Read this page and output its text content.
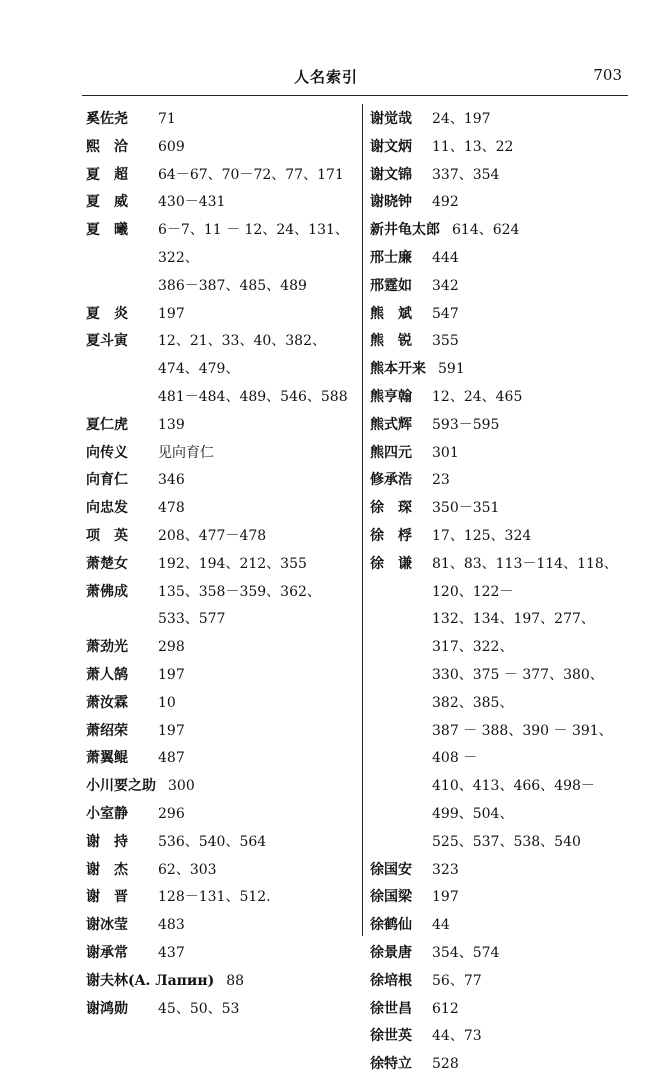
人名索引	703
奚佐尧	71
熙　洽	609
夏　超	64－67、70－72、77、171
夏　威	430－431
夏　曦	6－7、11 － 12、24、131、322、
386－387、485、489
夏　炎	197
夏斗寅	12、21、33、40、382、474、479、
481－484、489、546、588
夏仁虎	139
向传义	见向育仁
向育仁	346
向忠发	478
项　英	208、477－478
萧楚女	192、194、212、355
萧佛成	135、358－359、362、533、577
萧劲光	298
萧人鹄	197
萧汝霖	10
萧绍荣	197
萧翼鲲	487
小川要之助 300
小室静	296
谢　持	536、540、564
谢　杰	62、303
谢　晋	128－131、512.
谢冰莹	483
谢承常	437
谢夫林(A. Лапин) 88
谢鸿勋	45、50、53
谢觉哉	24、197
谢文炳	11、13、22
谢文锦	337、354
谢晓钟	492
新井龟太郎 614、624
邢士廉	444
邢霆如	342
熊　斌	547
熊　锐	355
熊本开来 591
熊亨翰	12、24、465
熊式辉	593－595
熊四元	301
修承浩	23
徐　琛	350－351
徐　桴	17、125、324
徐　谦	81、83、113－114、118、120、122－
132、134、197、277、317、322、
330、375 － 377、380、382、385、
387 － 388、390 － 391、408 －
410、413、466、498－499、504、
525、537、538、540
徐国安	323
徐国梁	197
徐鹤仙	44
徐景唐	354、574
徐培根	56、77
徐世昌	612
徐世英	44、73
徐特立	528
